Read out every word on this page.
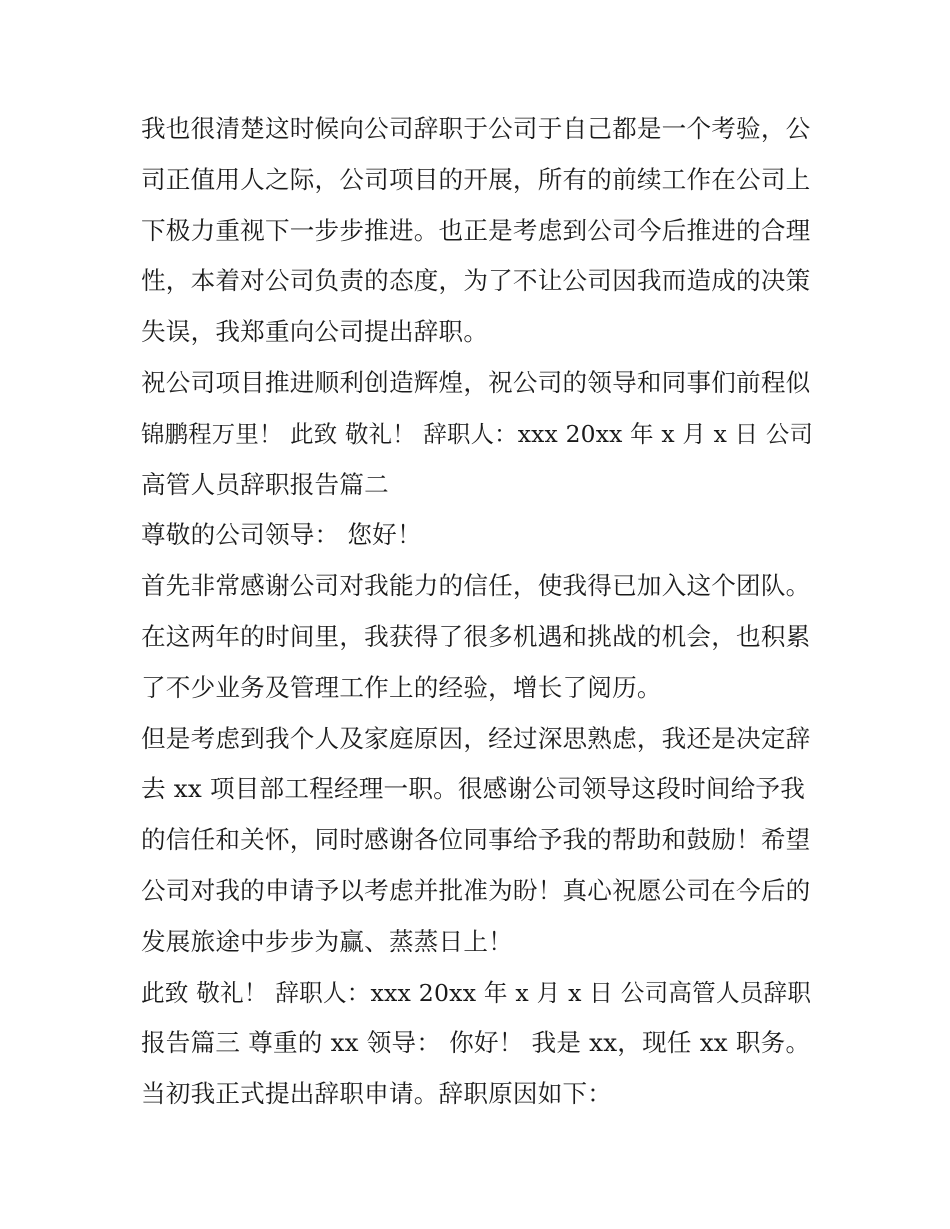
我也很清楚这时候向公司辞职于公司于自己都是一个考验，公
司正值用人之际，公司项目的开展，所有的前续工作在公司上
下极力重视下一步步推进。也正是考虑到公司今后推进的合理
性，本着对公司负责的态度，为了不让公司因我而造成的决策
失误，我郑重向公司提出辞职。
祝公司项目推进顺利创造辉煌，祝公司的领导和同事们前程似
锦鹏程万里！ 此致 敬礼！ 辞职人：xxx 20xx 年 x 月 x 日 公司
高管人员辞职报告篇二
尊敬的公司领导： 您好！
首先非常感谢公司对我能力的信任，使我得已加入这个团队。
在这两年的时间里，我获得了很多机遇和挑战的机会，也积累
了不少业务及管理工作上的经验，增长了阅历。
但是考虑到我个人及家庭原因，经过深思熟虑，我还是决定辞
去 xx 项目部工程经理一职。很感谢公司领导这段时间给予我
的信任和关怀，同时感谢各位同事给予我的帮助和鼓励！希望
公司对我的申请予以考虑并批准为盼！真心祝愿公司在今后的
发展旅途中步步为赢、蒸蒸日上！
此致 敬礼！ 辞职人：xxx 20xx 年 x 月 x 日 公司高管人员辞职
报告篇三 尊重的 xx 领导： 你好！ 我是 xx，现任 xx 职务。
当初我正式提出辞职申请。辞职原因如下：
